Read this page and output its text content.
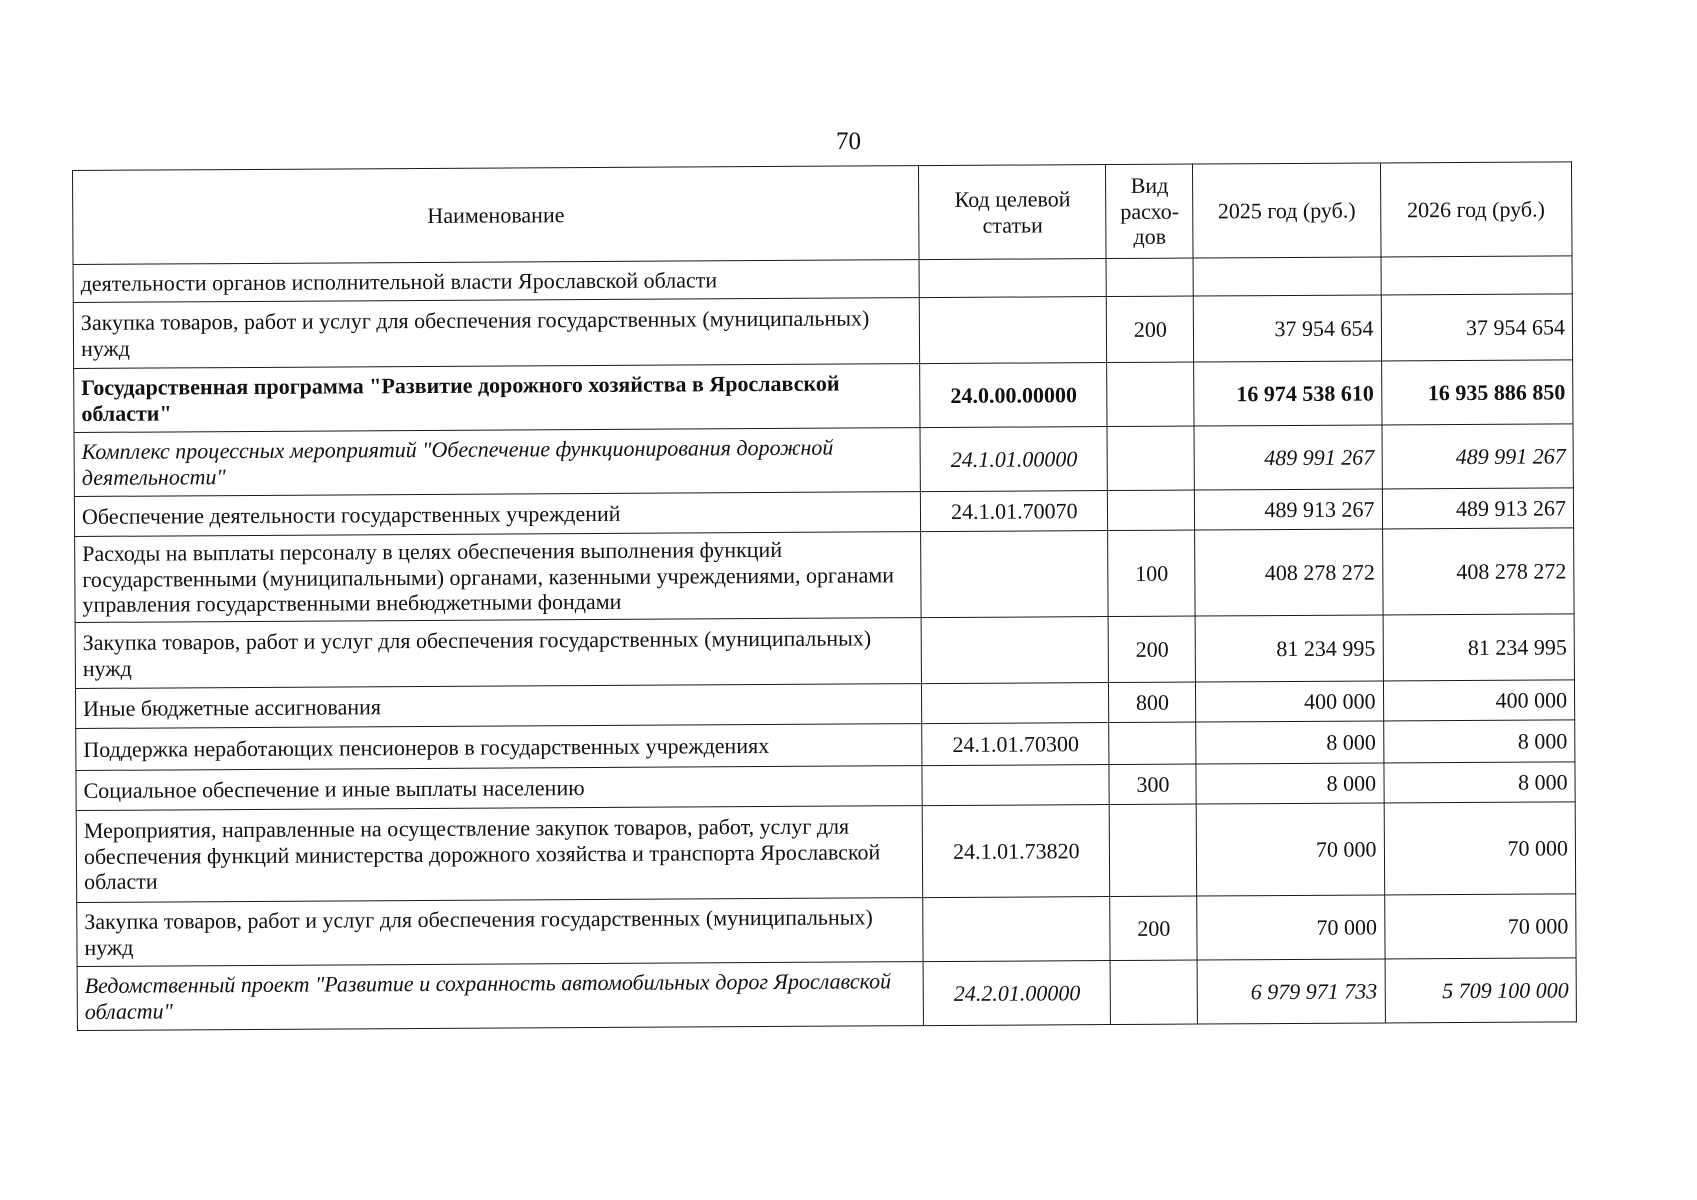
70
Наименование	Код целевой статьи	Вид расхо-дов	2025 год (руб.)	2026 год (руб.)
деятельности органов исполнительной власти Ярославской области				
Закупка товаров, работ и услуг для обеспечения государственных (муниципальных) нужд		200	37 954 654	37 954 654
Государственная программа "Развитие дорожного хозяйства в Ярославской области"	24.0.00.00000		16 974 538 610	16 935 886 850
Комплекс процессных мероприятий "Обеспечение функционирования дорожной деятельности"	24.1.01.00000		489 991 267	489 991 267
Обеспечение деятельности государственных учреждений	24.1.01.70070		489 913 267	489 913 267
Расходы на выплаты персоналу в целях обеспечения выполнения функций государственными (муниципальными) органами, казенными учреждениями, органами управления государственными внебюджетными фондами		100	408 278 272	408 278 272
Закупка товаров, работ и услуг для обеспечения государственных (муниципальных) нужд		200	81 234 995	81 234 995
Иные бюджетные ассигнования		800	400 000	400 000
Поддержка неработающих пенсионеров в государственных учреждениях	24.1.01.70300		8 000	8 000
Социальное обеспечение и иные выплаты населению		300	8 000	8 000
Мероприятия, направленные на осуществление закупок товаров, работ, услуг для обеспечения функций министерства дорожного хозяйства и транспорта Ярославской области	24.1.01.73820		70 000	70 000
Закупка товаров, работ и услуг для обеспечения государственных (муниципальных) нужд		200	70 000	70 000
Ведомственный проект "Развитие и сохранность автомобильных дорог Ярославской области"	24.2.01.00000		6 979 971 733	5 709 100 000
